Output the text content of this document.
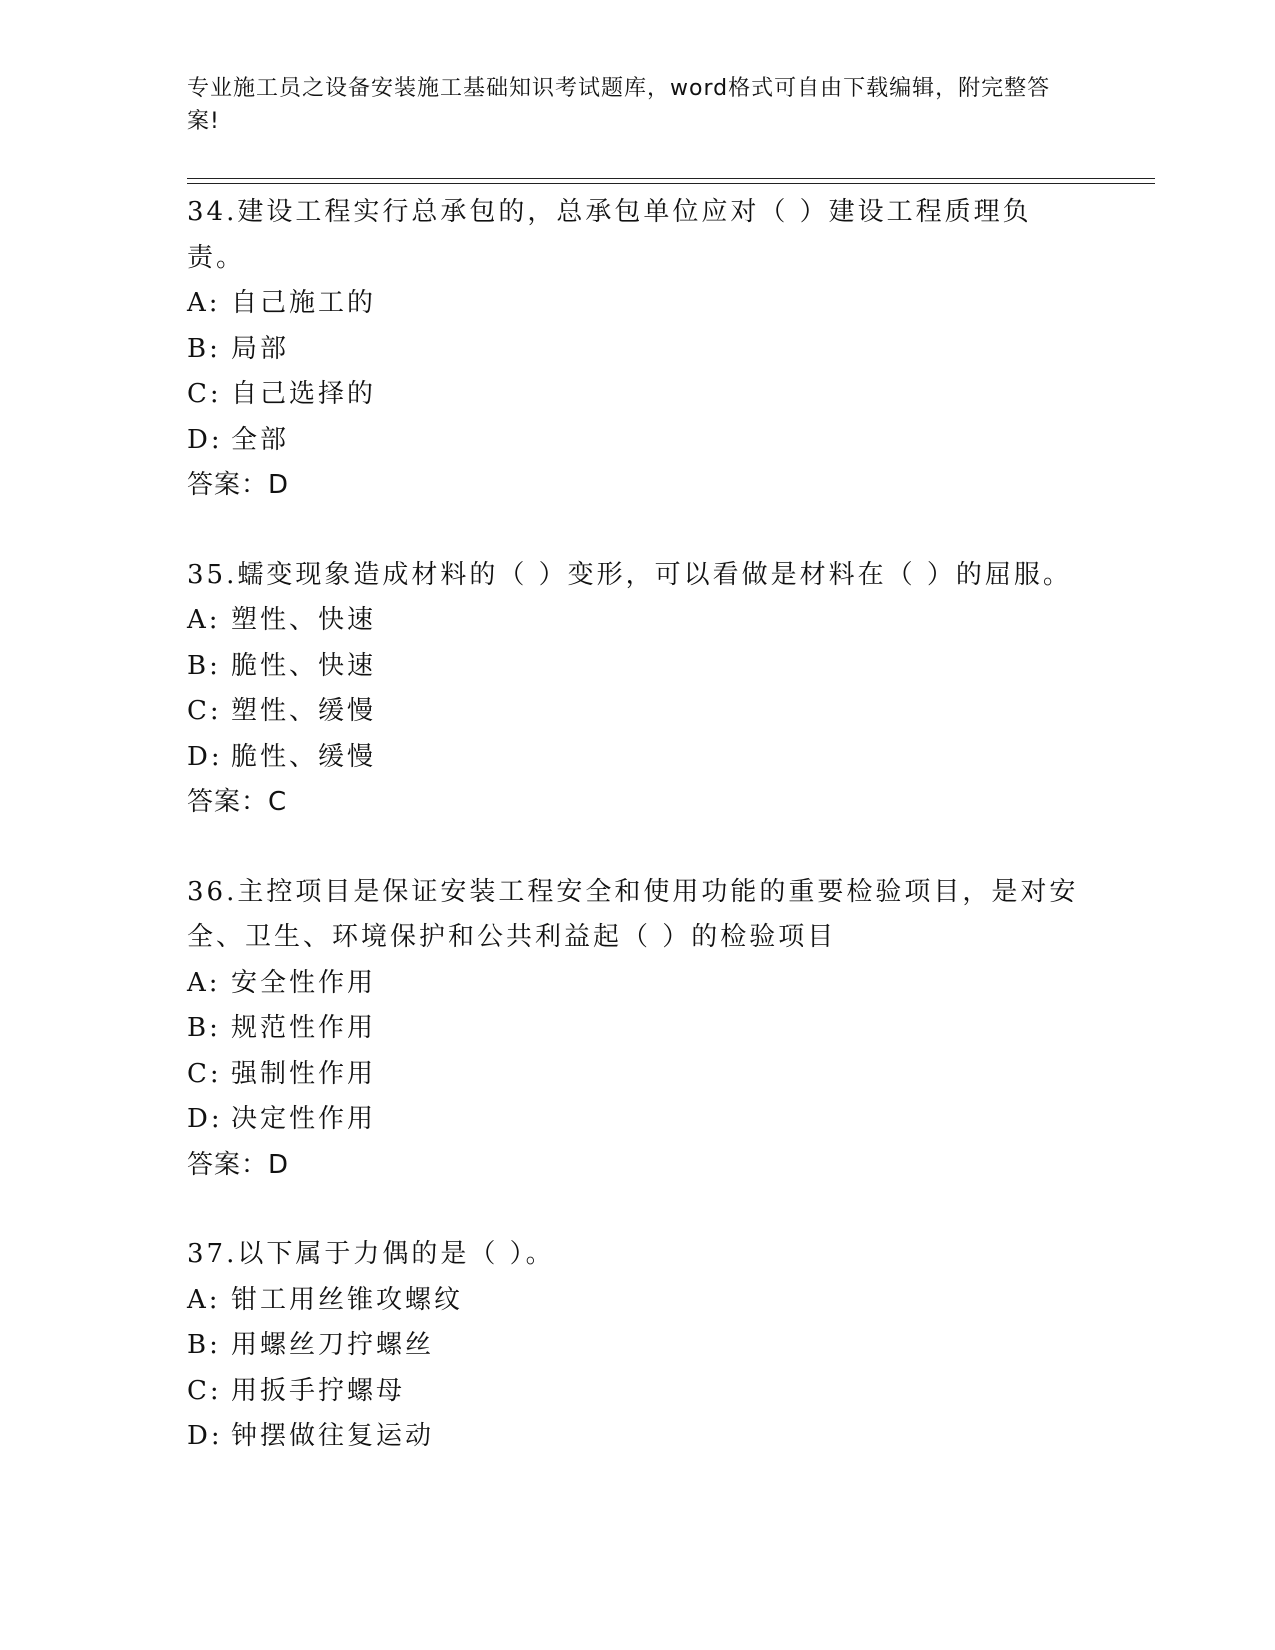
专业施工员之设备安装施工基础知识考试题库，word格式可自由下载编辑，附完整答案!
34.建设工程实行总承包的，总承包单位应对（ ）建设工程质理负责。
A: 自己施工的
B: 局部
C: 自己选择的
D: 全部
答案：D
35.蠕变现象造成材料的（ ）变形，可以看做是材料在（ ）的屈服。
A: 塑性、快速
B: 脆性、快速
C: 塑性、缓慢
D: 脆性、缓慢
答案：C
36.主控项目是保证安装工程安全和使用功能的重要检验项目，是对安全、卫生、环境保护和公共利益起（ ）的检验项目
A: 安全性作用
B: 规范性作用
C: 强制性作用
D: 决定性作用
答案：D
37.以下属于力偶的是（ ）。
A: 钳工用丝锥攻螺纹
B: 用螺丝刀拧螺丝
C: 用扳手拧螺母
D: 钟摆做往复运动
